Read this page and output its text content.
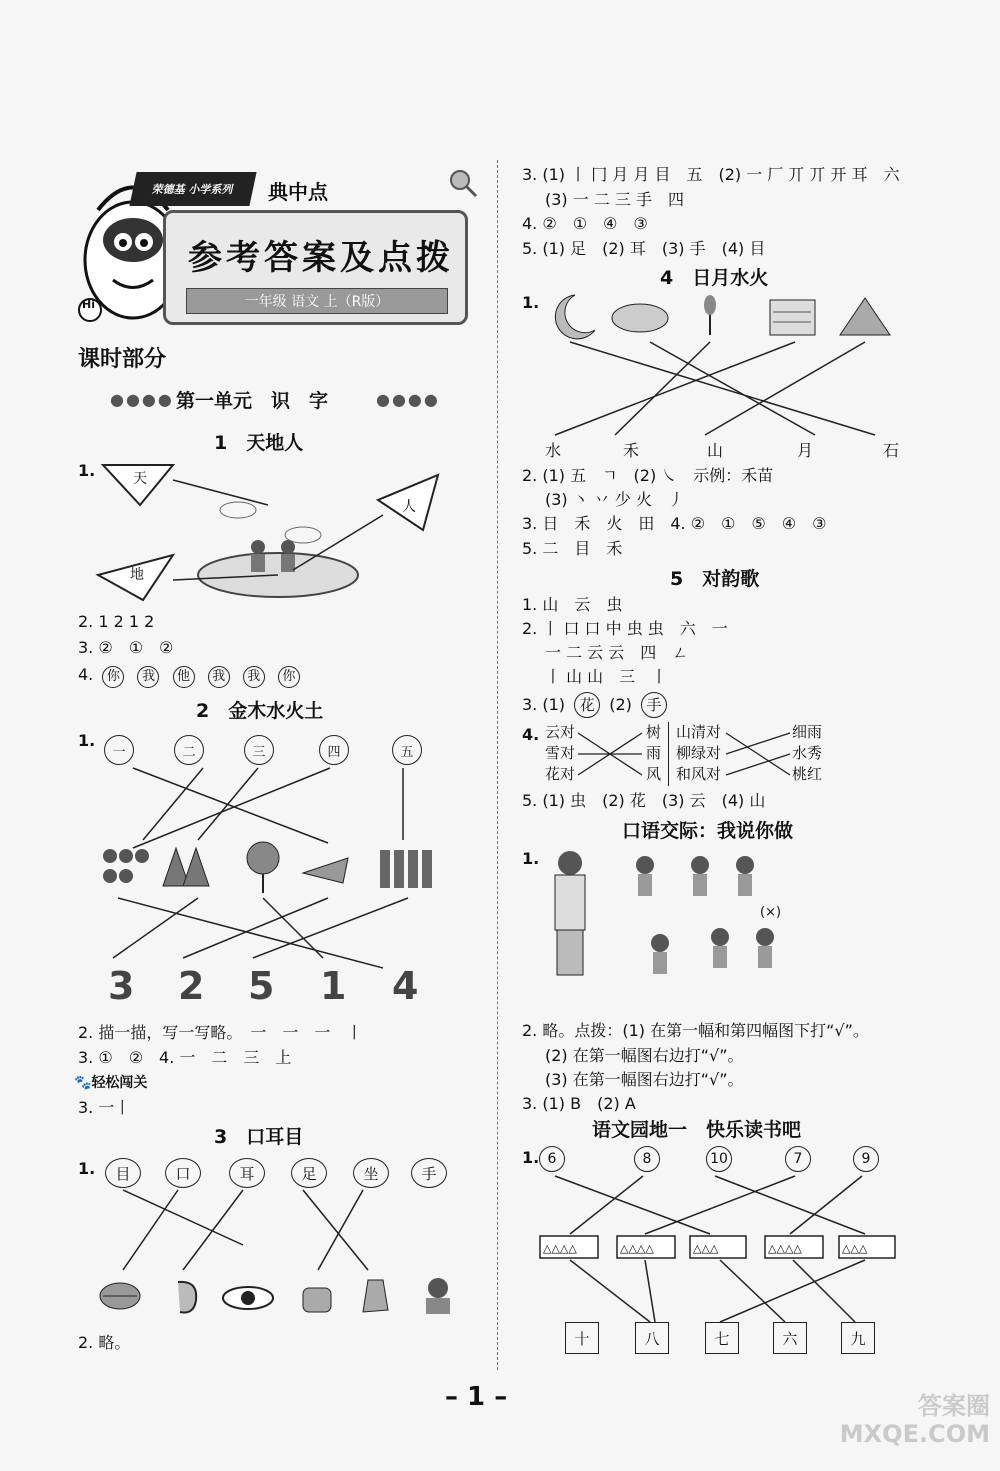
Hi
荣德基 小学系列 典中点
参考答案及点拨
一年级 语文 上（R版）
课时部分
●●●● 第一单元　识　字	●●●●
1　天地人
1.	天
人
地
2. 1 2 1 2
3. ②　①　②
4. 你 我 他 我 我 你
2　金木水火土
1.
一	二	三	四	五
3 2 5 1 4
2. 描一描，写一写略。　一　一　一　丨
3. ①　②　4. 一　二　三　上
🐾轻松闯关
3. 一丨
3　口耳目
1.	目	口	耳	足	坐	手
2. 略。
3. (1) 丨 冂 月 月 目　五　(2) 一 厂 丌 丌 开 耳　六
(3) 一 二 三 手　四
4. ②　①　④　③
5. (1) 足　(2) 耳　(3) 手　(4) 目
4　日月水火
1.
水	禾	山	月	石
2. (1) 五　ㄱ　(2) ㇏　示例：禾苗
(3) 丶 丷 少 火　丿
3. 日　禾　火　田　4. ②　①　⑤　④　③
5. 二　目　禾
5　对韵歌
1. 山　云　虫
2. 丨 口 口 中 虫 虫　六　一
一 二 云 云　四　ㄥ
丨 山 山　三　丨
3. (1) 花 (2) 手
4. 云对
雪对
花对
树
雨
风
山清对
柳绿对
和风对
细雨
水秀
桃红
5. (1) 虫　(2) 花　(3) 云　(4) 山
口语交际：我说你做
1.
(×)
2. 略。点拨：(1) 在第一幅和第四幅图下打“√”。
(2) 在第一幅图右边打“√”。
(3) 在第一幅图右边打“√”。
3. (1) B　(2) A
语文园地一　快乐读书吧
1. 6	8	10	7	9
△△△△	△△△△	△△△	△△△△	△△△
十	八	七	六	九
– 1 –	答案圈 MXQE.COM
